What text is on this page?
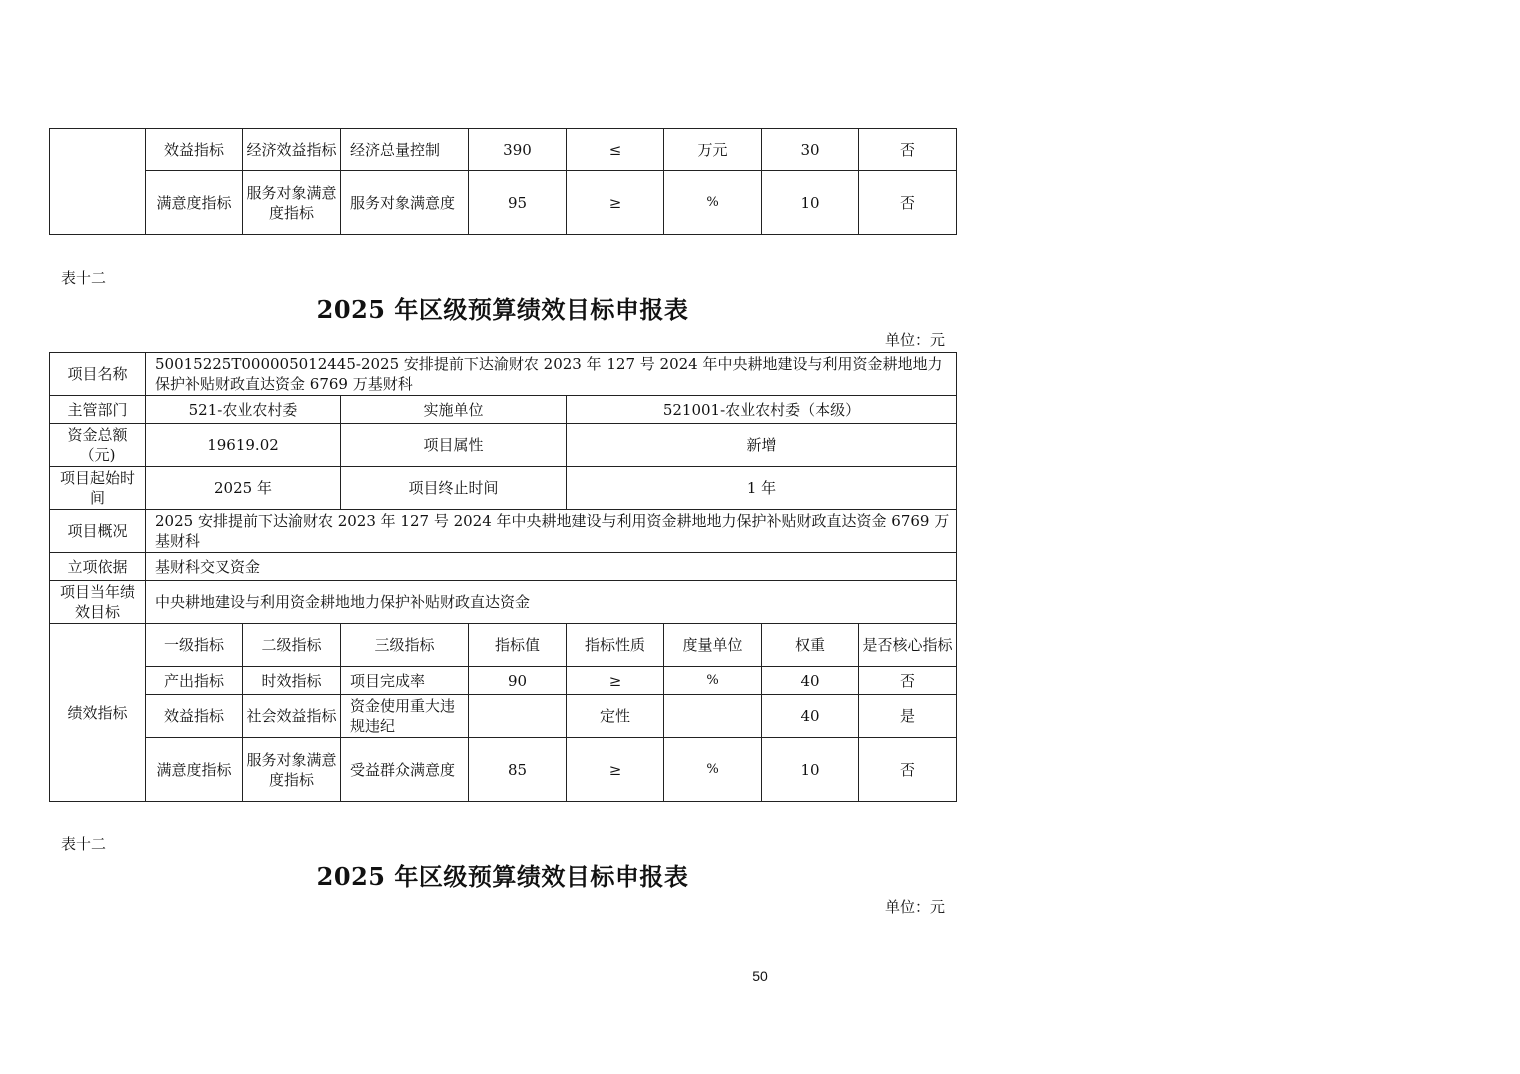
	效益指标	经济效益指标	经济总量控制	390	≤	万元	30	否
	满意度指标	服务对象满意度指标	服务对象满意度	95	≥	%	10	否
表十二
2025 年区级预算绩效目标申报表
单位：元
项目名称	50015225T000005012445-2025 安排提前下达渝财农 2023 年 127 号 2024 年中央耕地建设与利用资金耕地地力保护补贴财政直达资金 6769 万基财科							
主管部门	521-农业农村委		实施单位		521001-农业农村委（本级）			
资金总额（元)	19619.02		项目属性		新增			
项目起始时间	2025 年		项目终止时间		1 年			
项目概况	2025 安排提前下达渝财农 2023 年 127 号 2024 年中央耕地建设与利用资金耕地地力保护补贴财政直达资金 6769 万基财科							
立项依据	基财科交叉资金							
项目当年绩效目标	中央耕地建设与利用资金耕地地力保护补贴财政直达资金							
绩效指标	一级指标	二级指标	三级指标	指标值	指标性质	度量单位	权重	是否核心指标
	产出指标	时效指标	项目完成率	90	≥	%	40	否
	效益指标	社会效益指标	资金使用重大违规违纪		定性		40	是
	满意度指标	服务对象满意度指标	受益群众满意度	85	≥	%	10	否
表十二
2025 年区级预算绩效目标申报表
单位：元
50
